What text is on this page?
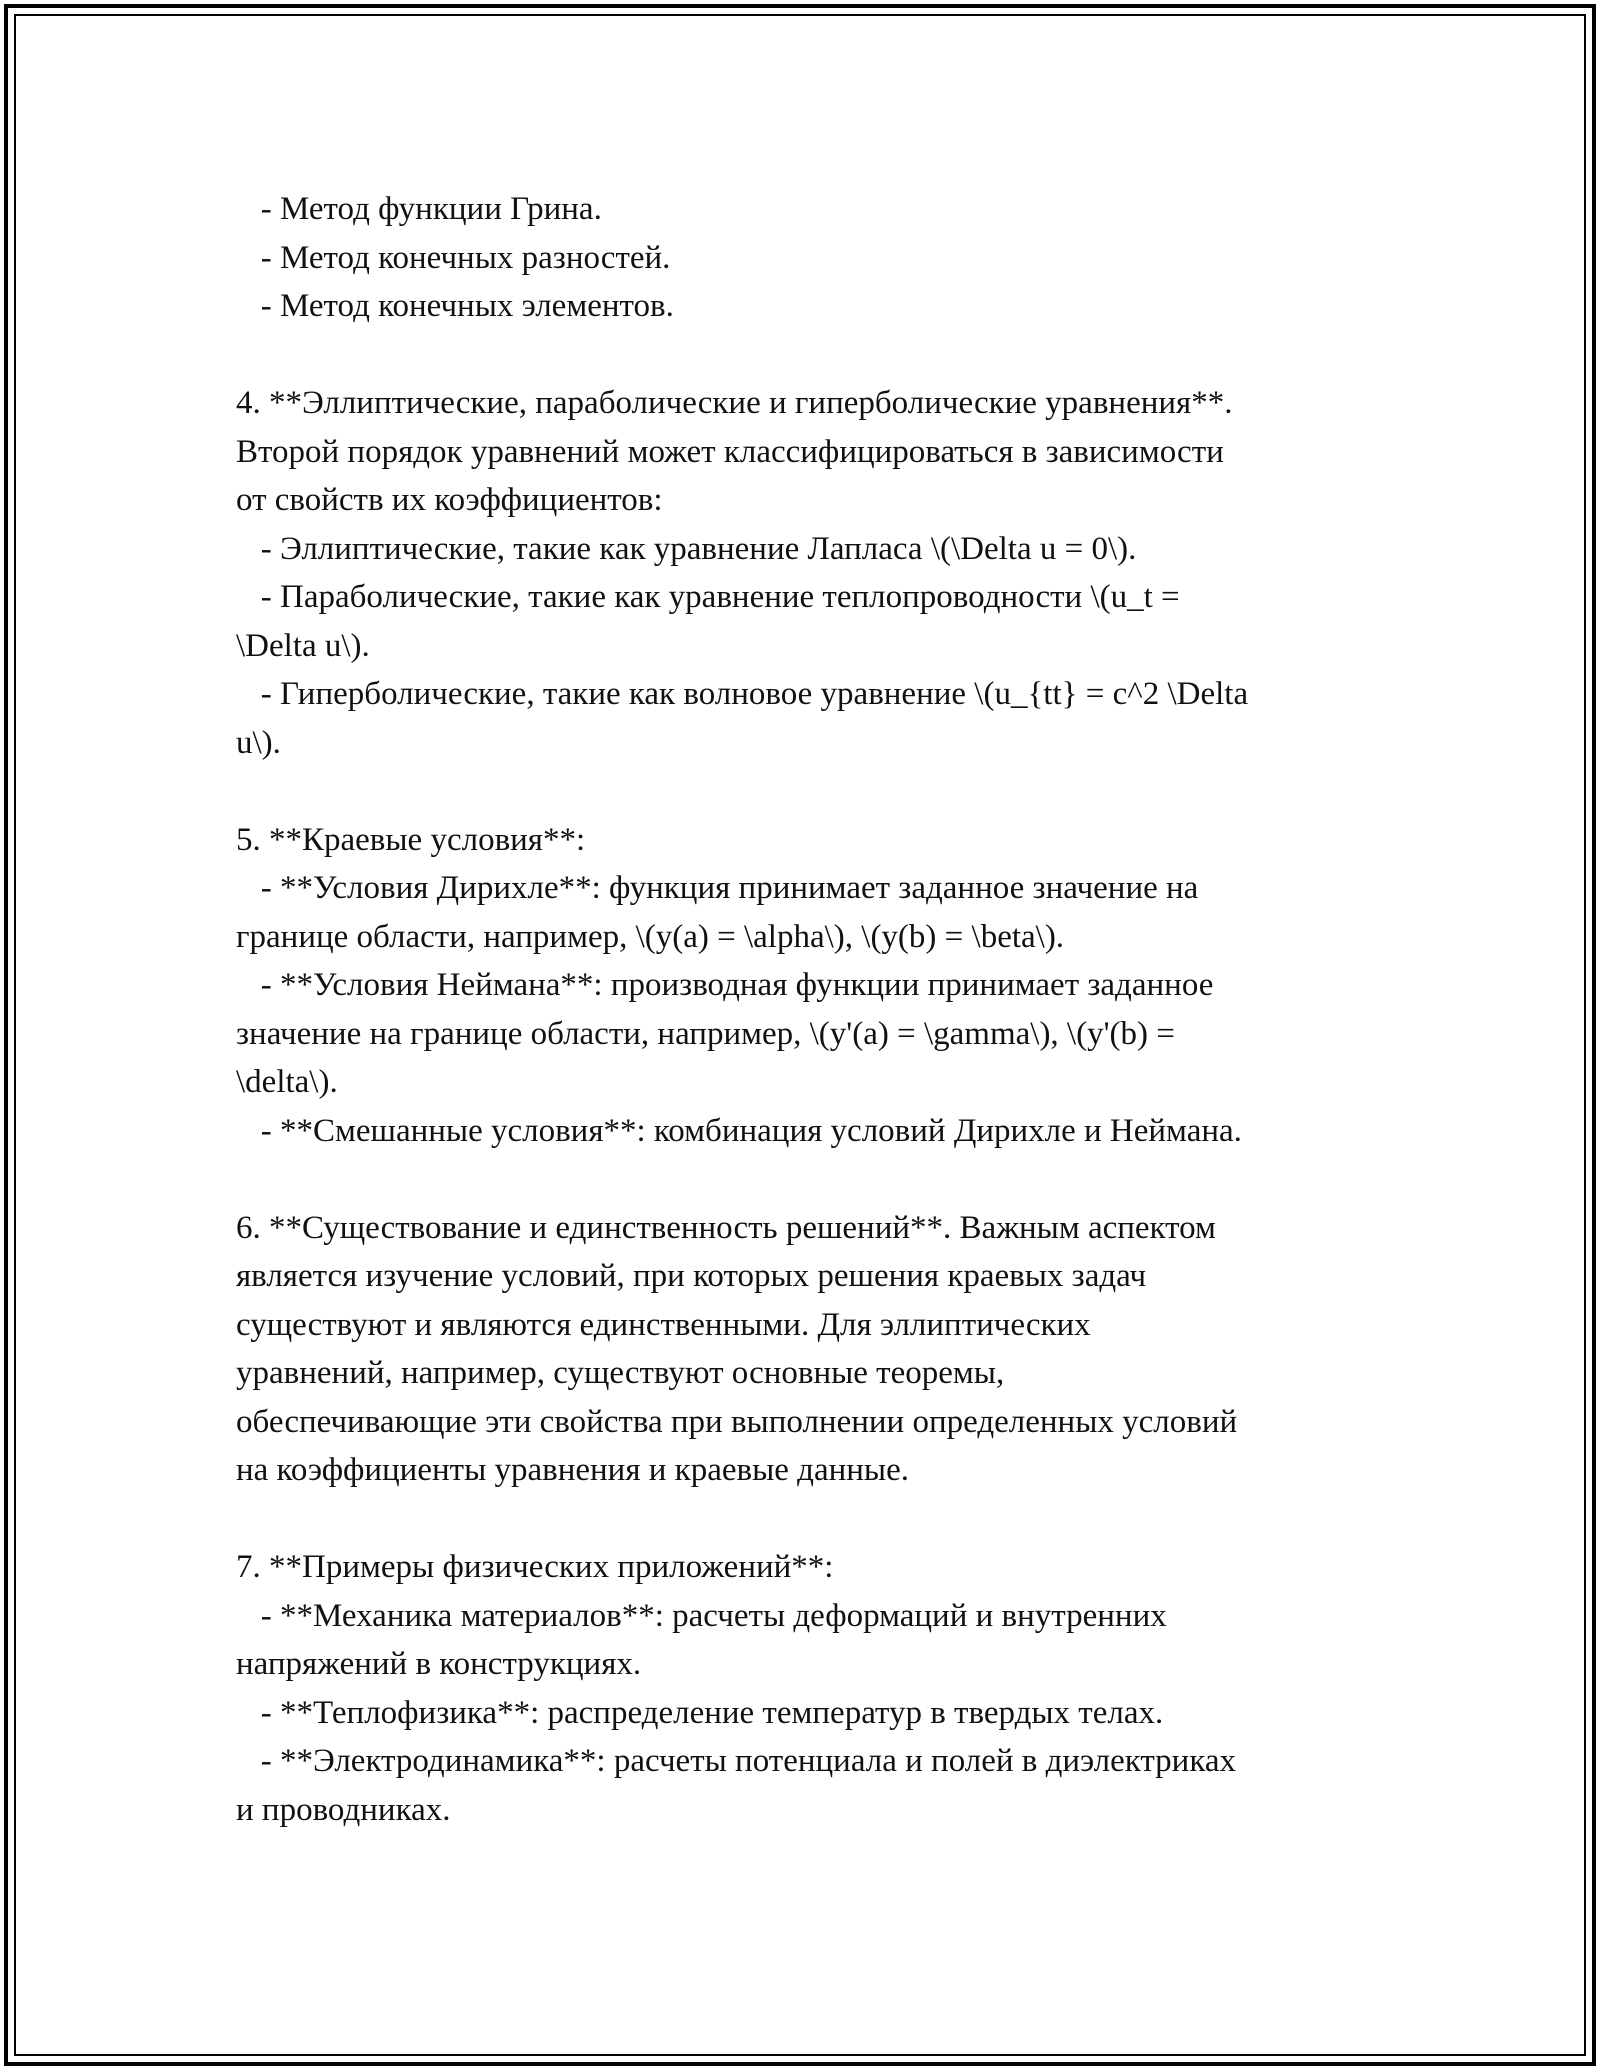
- Метод функции Грина.
- Метод конечных разностей.
- Метод конечных элементов.
4. **Эллиптические, параболические и гиперболические уравнения**.
Второй порядок уравнений может классифицироваться в зависимости
от свойств их коэффициентов:
- Эллиптические, такие как уравнение Лапласа \(\Delta u = 0\).
- Параболические, такие как уравнение теплопроводности \(u_t =
\Delta u\).
- Гиперболические, такие как волновое уравнение \(u_{tt} = c^2 \Delta
u\).
5. **Краевые условия**:
- **Условия Дирихле**: функция принимает заданное значение на
границе области, например, \(y(a) = \alpha\), \(y(b) = \beta\).
- **Условия Неймана**: производная функции принимает заданное
значение на границе области, например, \(y'(a) = \gamma\), \(y'(b) =
\delta\).
- **Смешанные условия**: комбинация условий Дирихле и Неймана.
6. **Существование и единственность решений**. Важным аспектом
является изучение условий, при которых решения краевых задач
существуют и являются единственными. Для эллиптических
уравнений, например, существуют основные теоремы,
обеспечивающие эти свойства при выполнении определенных условий
на коэффициенты уравнения и краевые данные.
7. **Примеры физических приложений**:
- **Механика материалов**: расчеты деформаций и внутренних
напряжений в конструкциях.
- **Теплофизика**: распределение температур в твердых телах.
- **Электродинамика**: расчеты потенциала и полей в диэлектриках
и проводниках.
